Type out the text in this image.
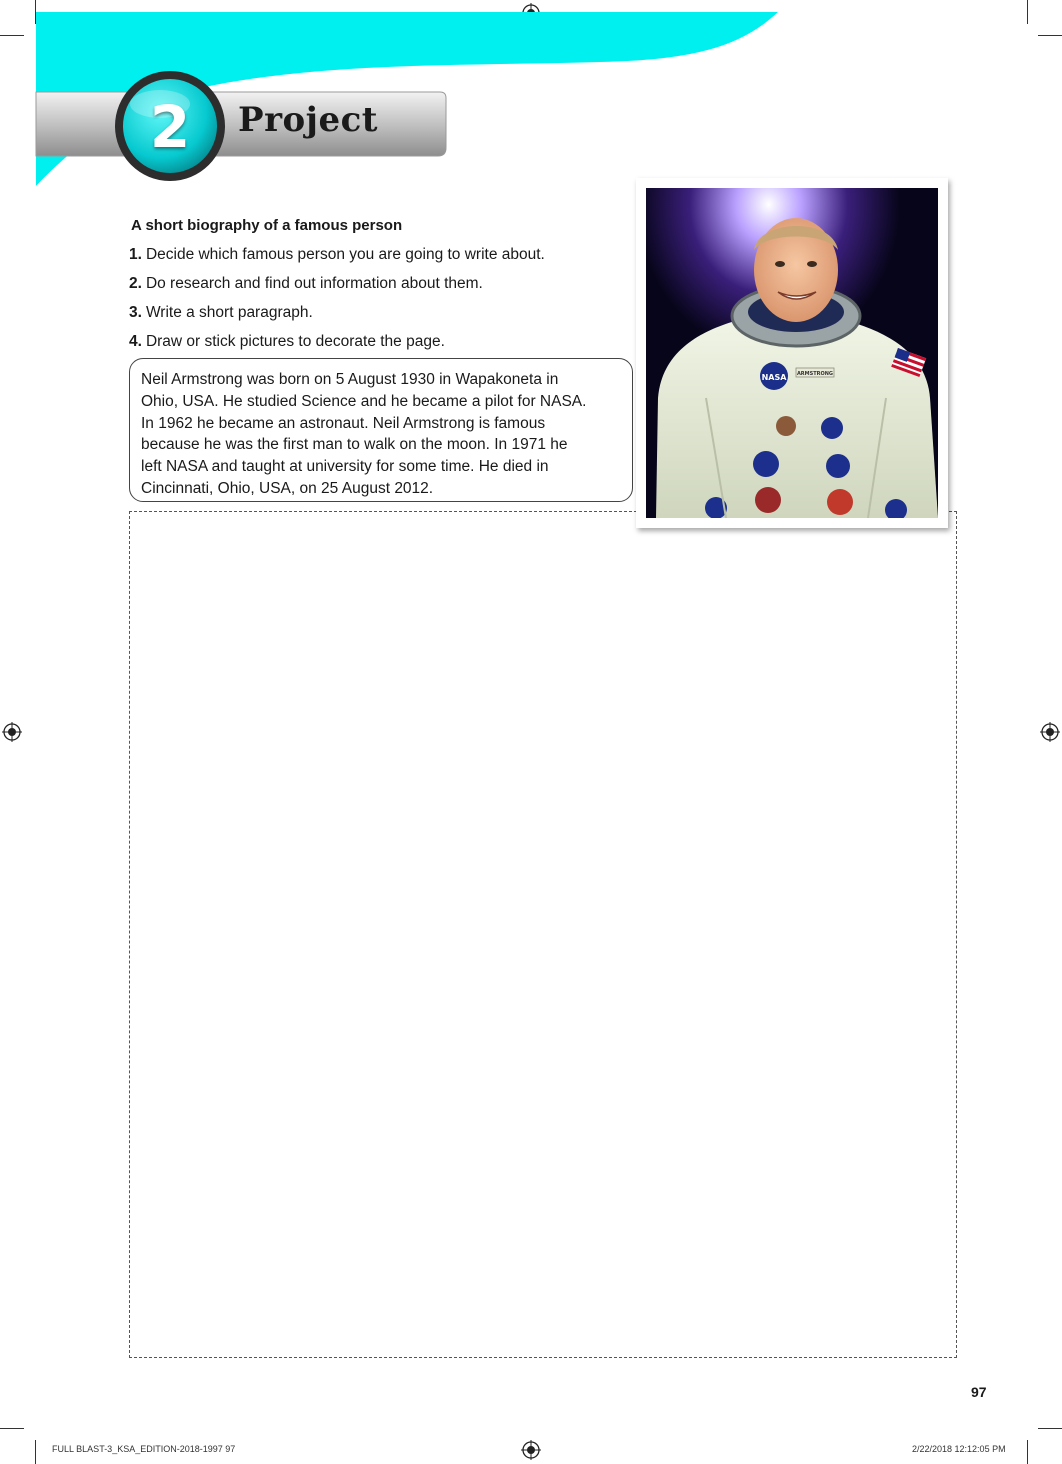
2	Project
A short biography of a famous person
1. Decide which famous person you are going to write about.
2. Do research and find out information about them.
3. Write a short paragraph.
4. Draw or stick pictures to decorate the page.
Neil Armstrong was born on 5 August 1930 in Wapakoneta in
Ohio, USA. He studied Science and he became a pilot for NASA.
In 1962 he became an astronaut. Neil Armstrong is famous
because he was the first man to walk on the moon. In 1971 he
left NASA and taught at university for some time. He died in
Cincinnati, Ohio, USA, on 25 August 2012.
NASA ARMSTRONG
97
FULL BLAST-3_KSA_EDITION-2018-1997 97	2/22/2018 12:12:05 PM
